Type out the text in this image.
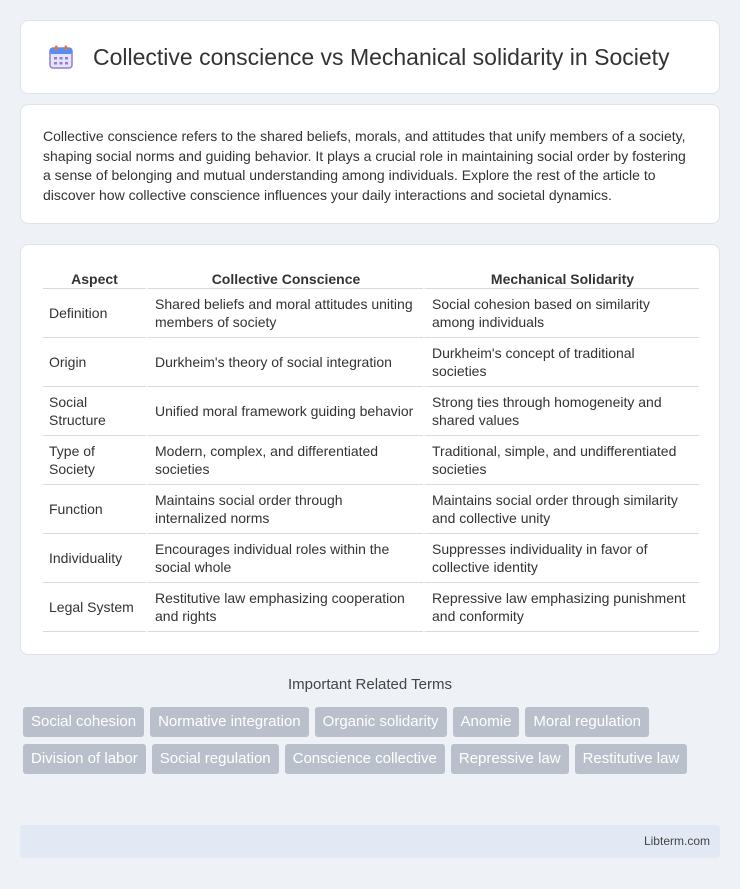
Collective conscience vs Mechanical solidarity in Society

Collective conscience refers to the shared beliefs, morals, and attitudes that unify members of a society, shaping social norms and guiding behavior. It plays a crucial role in maintaining social order by fostering a sense of belonging and mutual understanding among individuals. Explore the rest of the article to discover how collective conscience influences your daily interactions and societal dynamics.

Aspect	Collective Conscience	Mechanical Solidarity
Definition	Shared beliefs and moral attitudes uniting members of society	Social cohesion based on similarity among individuals
Origin	Durkheim's theory of social integration	Durkheim's concept of traditional societies
Social Structure	Unified moral framework guiding behavior	Strong ties through homogeneity and shared values
Type of Society	Modern, complex, and differentiated societies	Traditional, simple, and undifferentiated societies
Function	Maintains social order through internalized norms	Maintains social order through similarity and collective unity
Individuality	Encourages individual roles within the social whole	Suppresses individuality in favor of collective identity
Legal System	Restitutive law emphasizing cooperation and rights	Repressive law emphasizing punishment and conformity
Important Related Terms
Social cohesion	Normative integration	Organic solidarity	Anomie	Moral regulation
Division of labor	Social regulation	Conscience collective	Repressive law	Restitutive law
Libterm.com
